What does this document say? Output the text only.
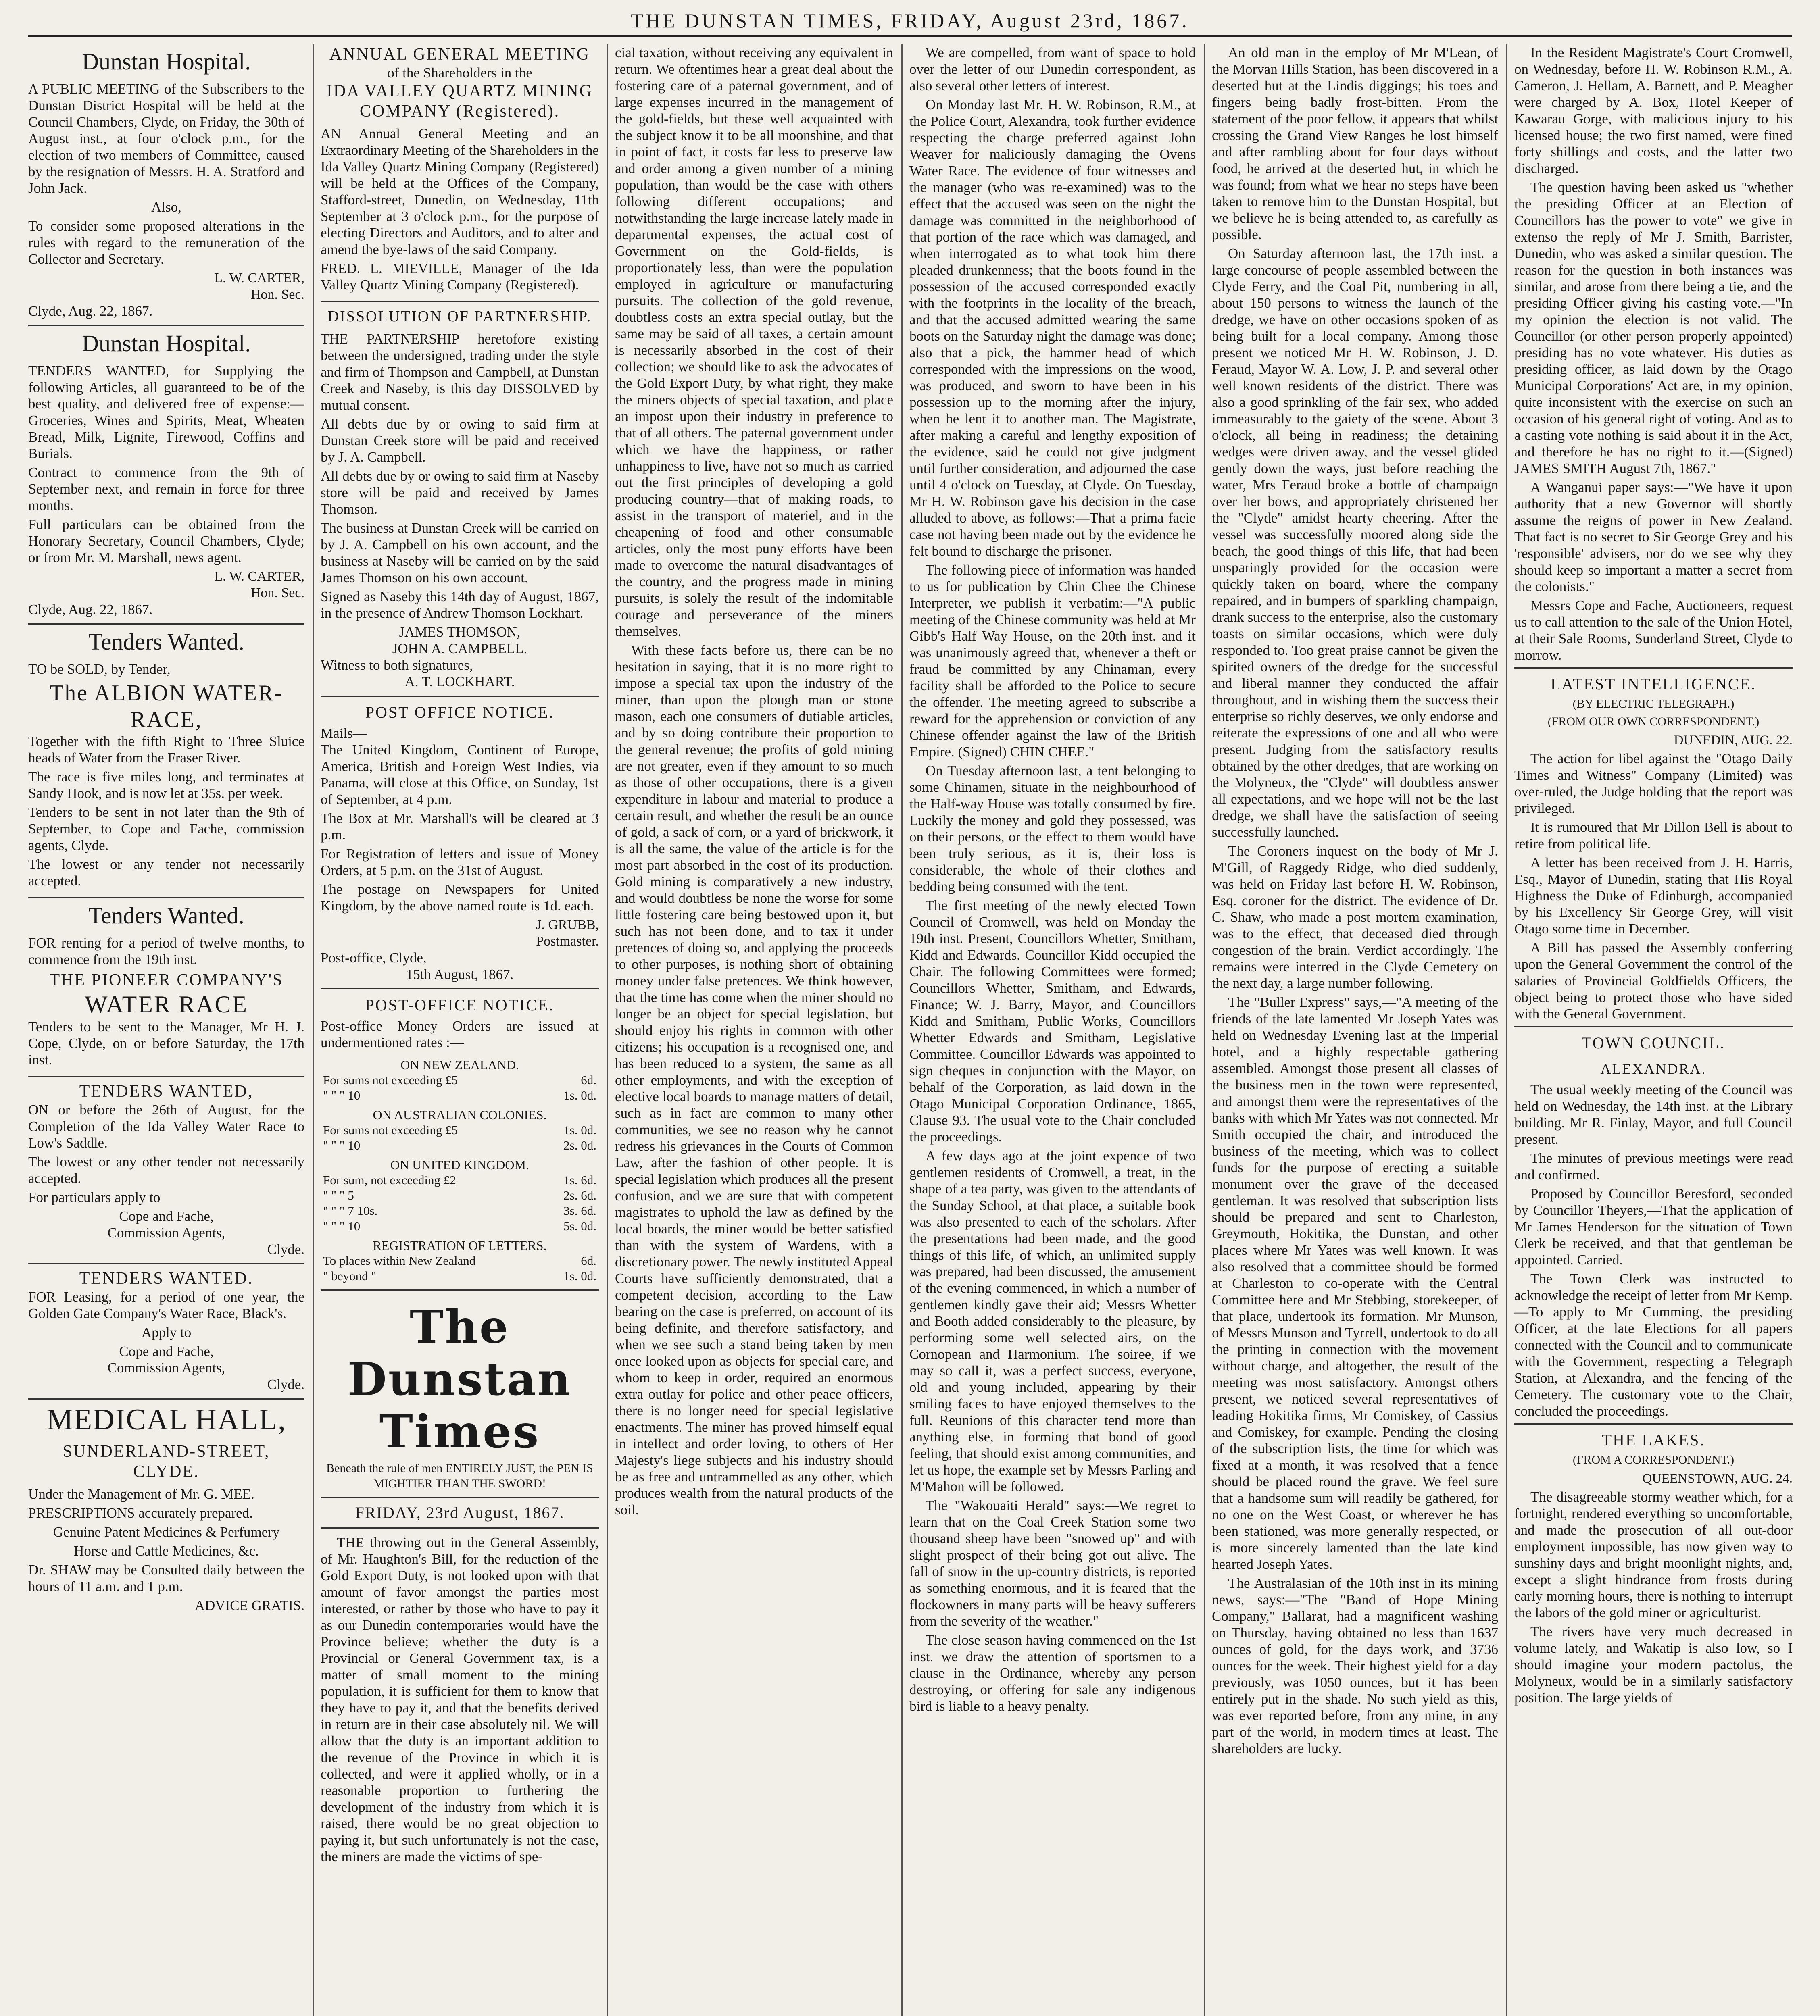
THE DUNSTAN TIMES, FRIDAY, August 23rd, 1867.
Dunstan Hospital.

A PUBLIC MEETING of the Subscribers to the Dunstan District Hospital will be held at the Council Chambers, Clyde, on Friday, the 30th of August inst., at four o'clock p.m., for the election of two members of Committee, caused by the resignation of Messrs. H. A. Stratford and John Jack.

Also,

To consider some proposed alterations in the rules with regard to the remuneration of the Collector and Secretary.

L. W. CARTER,
Hon. Sec.
Clyde, Aug. 22, 1867.
Dunstan Hospital.

TENDERS WANTED, for Supplying the following Articles, all guaranteed to be of the best quality, and delivered free of expense:—Groceries, Wines and Spirits, Meat, Wheaten Bread, Milk, Lignite, Firewood, Coffins and Burials.

Contract to commence from the 9th of September next, and remain in force for three months.

Full particulars can be obtained from the Honorary Secretary, Council Chambers, Clyde; or from Mr. M. Marshall, news agent.

L. W. CARTER,
Hon. Sec.
Clyde, Aug. 22, 1867.
Tenders Wanted.

TO be SOLD, by Tender,

The ALBION WATER-RACE,

Together with the fifth Right to Three Sluice heads of Water from the Fraser River.

The race is five miles long, and terminates at Sandy Hook, and is now let at 35s. per week.

Tenders to be sent in not later than the 9th of September, to Cope and Fache, commission agents, Clyde.

The lowest or any tender not necessarily accepted.

Tenders Wanted.

FOR renting for a period of twelve months, to commence from the 19th inst.

THE PIONEER COMPANY'S
WATER RACE

Tenders to be sent to the Manager, Mr H. J. Cope, Clyde, on or before Saturday, the 17th inst.

TENDERS WANTED,

ON or before the 26th of August, for the Completion of the Ida Valley Water Race to Low's Saddle.

The lowest or any other tender not necessarily accepted.

For particulars apply to

Cope and Fache,
Commission Agents,
Clyde.
TENDERS WANTED.

FOR Leasing, for a period of one year, the Golden Gate Company's Water Race, Black's.

Apply to

Cope and Fache,
Commission Agents,
Clyde.
MEDICAL HALL,
SUNDERLAND-STREET, CLYDE.

Under the Management of Mr. G. MEE.

PRESCRIPTIONS accurately prepared.

Genuine Patent Medicines & Perfumery

Horse and Cattle Medicines, &c.

Dr. SHAW may be Consulted daily between the hours of 11 a.m. and 1 p.m.

ADVICE GRATIS.
ANNUAL GENERAL MEETING
of the Shareholders in the
IDA VALLEY QUARTZ MINING
COMPANY (Registered).

AN Annual General Meeting and an Extraordinary Meeting of the Shareholders in the Ida Valley Quartz Mining Company (Registered) will be held at the Offices of the Company, Stafford-street, Dunedin, on Wednesday, 11th September at 3 o'clock p.m., for the purpose of electing Directors and Auditors, and to alter and amend the bye-laws of the said Company.

FRED. L. MIEVILLE, Manager of the Ida Valley Quartz Mining Company (Registered).

DISSOLUTION OF PARTNERSHIP.

THE PARTNERSHIP heretofore existing between the undersigned, trading under the style and firm of Thompson and Campbell, at Dunstan Creek and Naseby, is this day DISSOLVED by mutual consent.

All debts due by or owing to said firm at Dunstan Creek store will be paid and received by J. A. Campbell.

All debts due by or owing to said firm at Naseby store will be paid and received by James Thomson.

The business at Dunstan Creek will be carried on by J. A. Campbell on his own account, and the business at Naseby will be carried on by the said James Thomson on his own account.

Signed as Naseby this 14th day of August, 1867, in the presence of Andrew Thomson Lockhart.

JAMES THOMSON,
JOHN A. CAMPBELL.
Witness to both signatures,
A. T. LOCKHART.
POST OFFICE NOTICE.
Mails—

The United Kingdom, Continent of Europe, America, British and Foreign West Indies, via Panama, will close at this Office, on Sunday, 1st of September, at 4 p.m.

The Box at Mr. Marshall's will be cleared at 3 p.m.

For Registration of letters and issue of Money Orders, at 5 p.m. on the 31st of August.

The postage on Newspapers for United Kingdom, by the above named route is 1d. each.

J. GRUBB,
Postmaster.
Post-office, Clyde,
15th August, 1867.
POST-OFFICE NOTICE.

Post-office Money Orders are issued at undermentioned rates :—

ON NEW ZEALAND.	
For sums not exceeding £5	6d.
" " " 10	1s. 0d.
ON AUSTRALIAN COLONIES.	
For sums not exceeding £5	1s. 0d.
" " " 10	2s. 0d.
ON UNITED KINGDOM.	
For sum, not exceeding £2	1s. 6d.
" " " 5	2s. 6d.
" " " 7 10s.	3s. 6d.
" " " 10	5s. 0d.
REGISTRATION OF LETTERS.	
To places within New Zealand	6d.
" beyond "	1s. 0d.
The Dunstan Times
Beneath the rule of men ENTIRELY JUST, the PEN IS MIGHTIER THAN THE SWORD!
FRIDAY, 23rd August, 1867.

THE throwing out in the General Assembly, of Mr. Haughton's Bill, for the reduction of the Gold Export Duty, is not looked upon with that amount of favor amongst the parties most interested, or rather by those who have to pay it as our Dunedin contemporaries would have the Province believe; whether the duty is a Provincial or General Government tax, is a matter of small moment to the mining population, it is sufficient for them to know that they have to pay it, and that the benefits derived in return are in their case absolutely nil. We will allow that the duty is an important addition to the revenue of the Province in which it is collected, and were it applied wholly, or in a reasonable proportion to furthering the development of the industry from which it is raised, there would be no great objection to paying it, but such unfortunately is not the case, the miners are made the victims of spe-

cial taxation, without receiving any equivalent in return. We oftentimes hear a great deal about the fostering care of a paternal government, and of large expenses incurred in the management of the gold-fields, but these well acquainted with the subject know it to be all moonshine, and that in point of fact, it costs far less to preserve law and order among a given number of a mining population, than would be the case with others following different occupations; and notwithstanding the large increase lately made in departmental expenses, the actual cost of Government on the Gold-fields, is proportionately less, than were the population employed in agriculture or manufacturing pursuits. The collection of the gold revenue, doubtless costs an extra special outlay, but the same may be said of all taxes, a certain amount is necessarily absorbed in the cost of their collection; we should like to ask the advocates of the Gold Export Duty, by what right, they make the miners objects of special taxation, and place an impost upon their industry in preference to that of all others. The paternal government under which we have the happiness, or rather unhappiness to live, have not so much as carried out the first principles of developing a gold producing country—that of making roads, to assist in the transport of materiel, and in the cheapening of food and other consumable articles, only the most puny efforts have been made to overcome the natural disadvantages of the country, and the progress made in mining pursuits, is solely the result of the indomitable courage and perseverance of the miners themselves.

With these facts before us, there can be no hesitation in saying, that it is no more right to impose a special tax upon the industry of the miner, than upon the plough man or stone mason, each one consumers of dutiable articles, and by so doing contribute their proportion to the general revenue; the profits of gold mining are not greater, even if they amount to so much as those of other occupations, there is a given expenditure in labour and material to produce a certain result, and whether the result be an ounce of gold, a sack of corn, or a yard of brickwork, it is all the same, the value of the article is for the most part absorbed in the cost of its production. Gold mining is comparatively a new industry, and would doubtless be none the worse for some little fostering care being bestowed upon it, but such has not been done, and to tax it under pretences of doing so, and applying the proceeds to other purposes, is nothing short of obtaining money under false pretences. We think however, that the time has come when the miner should no longer be an object for special legislation, but should enjoy his rights in common with other citizens; his occupation is a recognised one, and has been reduced to a system, the same as all other employments, and with the exception of elective local boards to manage matters of detail, such as in fact are common to many other communities, we see no reason why he cannot redress his grievances in the Courts of Common Law, after the fashion of other people. It is special legislation which produces all the present confusion, and we are sure that with competent magistrates to uphold the law as defined by the local boards, the miner would be better satisfied than with the system of Wardens, with a discretionary power. The newly instituted Appeal Courts have sufficiently demonstrated, that a competent decision, according to the Law bearing on the case is preferred, on account of its being definite, and therefore satisfactory, and when we see such a stand being taken by men once looked upon as objects for special care, and whom to keep in order, required an enormous extra outlay for police and other peace officers, there is no longer need for special legislative enactments. The miner has proved himself equal in intellect and order loving, to others of Her Majesty's liege subjects and his industry should be as free and untrammelled as any other, which produces wealth from the natural products of the soil.

We are compelled, from want of space to hold over the letter of our Dunedin correspondent, as also several other letters of interest.

On Monday last Mr. H. W. Robinson, R.M., at the Police Court, Alexandra, took further evidence respecting the charge preferred against John Weaver for maliciously damaging the Ovens Water Race. The evidence of four witnesses and the manager (who was re-examined) was to the effect that the accused was seen on the night the damage was committed in the neighborhood of that portion of the race which was damaged, and when interrogated as to what took him there pleaded drunkenness; that the boots found in the possession of the accused corresponded exactly with the footprints in the locality of the breach, and that the accused admitted wearing the same boots on the Saturday night the damage was done; also that a pick, the hammer head of which corresponded with the impressions on the wood, was produced, and sworn to have been in his possession up to the morning after the injury, when he lent it to another man. The Magistrate, after making a careful and lengthy exposition of the evidence, said he could not give judgment until further consideration, and adjourned the case until 4 o'clock on Tuesday, at Clyde. On Tuesday, Mr H. W. Robinson gave his decision in the case alluded to above, as follows:—That a prima facie case not having been made out by the evidence he felt bound to discharge the prisoner.

The following piece of information was handed to us for publication by Chin Chee the Chinese Interpreter, we publish it verbatim:—"A public meeting of the Chinese community was held at Mr Gibb's Half Way House, on the 20th inst. and it was unanimously agreed that, whenever a theft or fraud be committed by any Chinaman, every facility shall be afforded to the Police to secure the offender. The meeting agreed to subscribe a reward for the apprehension or conviction of any Chinese offender against the law of the British Empire. (Signed) CHIN CHEE."

On Tuesday afternoon last, a tent belonging to some Chinamen, situate in the neighbourhood of the Half-way House was totally consumed by fire. Luckily the money and gold they possessed, was on their persons, or the effect to them would have been truly serious, as it is, their loss is considerable, the whole of their clothes and bedding being consumed with the tent.

The first meeting of the newly elected Town Council of Cromwell, was held on Monday the 19th inst. Present, Councillors Whetter, Smitham, Kidd and Edwards. Councillor Kidd occupied the Chair. The following Committees were formed; Councillors Whetter, Smitham, and Edwards, Finance; W. J. Barry, Mayor, and Councillors Kidd and Smitham, Public Works, Councillors Whetter Edwards and Smitham, Legislative Committee. Councillor Edwards was appointed to sign cheques in conjunction with the Mayor, on behalf of the Corporation, as laid down in the Otago Municipal Corporation Ordinance, 1865, Clause 93. The usual vote to the Chair concluded the proceedings.

A few days ago at the joint expence of two gentlemen residents of Cromwell, a treat, in the shape of a tea party, was given to the attendants of the Sunday School, at that place, a suitable book was also presented to each of the scholars. After the presentations had been made, and the good things of this life, of which, an unlimited supply was prepared, had been discussed, the amusement of the evening commenced, in which a number of gentlemen kindly gave their aid; Messrs Whetter and Booth added considerably to the pleasure, by performing some well selected airs, on the Cornopean and Harmonium. The soiree, if we may so call it, was a perfect success, everyone, old and young included, appearing by their smiling faces to have enjoyed themselves to the full. Reunions of this character tend more than anything else, in forming that bond of good feeling, that should exist among communities, and let us hope, the example set by Messrs Parling and M'Mahon will be followed.

The "Wakouaiti Herald" says:—We regret to learn that on the Coal Creek Station some two thousand sheep have been "snowed up" and with slight prospect of their being got out alive. The fall of snow in the up-country districts, is reported as something enormous, and it is feared that the flockowners in many parts will be heavy sufferers from the severity of the weather."

The close season having commenced on the 1st inst. we draw the attention of sportsmen to a clause in the Ordinance, whereby any person destroying, or offering for sale any indigenous bird is liable to a heavy penalty.

An old man in the employ of Mr M'Lean, of the Morvan Hills Station, has been discovered in a deserted hut at the Lindis diggings; his toes and fingers being badly frost-bitten. From the statement of the poor fellow, it appears that whilst crossing the Grand View Ranges he lost himself and after rambling about for four days without food, he arrived at the deserted hut, in which he was found; from what we hear no steps have been taken to remove him to the Dunstan Hospital, but we believe he is being attended to, as carefully as possible.

On Saturday afternoon last, the 17th inst. a large concourse of people assembled between the Clyde Ferry, and the Coal Pit, numbering in all, about 150 persons to witness the launch of the dredge, we have on other occasions spoken of as being built for a local company. Among those present we noticed Mr H. W. Robinson, J. D. Feraud, Mayor W. A. Low, J. P. and several other well known residents of the district. There was also a good sprinkling of the fair sex, who added immeasurably to the gaiety of the scene. About 3 o'clock, all being in readiness; the detaining wedges were driven away, and the vessel glided gently down the ways, just before reaching the water, Mrs Feraud broke a bottle of champaign over her bows, and appropriately christened her the "Clyde" amidst hearty cheering. After the vessel was successfully moored along side the beach, the good things of this life, that had been unsparingly provided for the occasion were quickly taken on board, where the company repaired, and in bumpers of sparkling champaign, drank success to the enterprise, also the customary toasts on similar occasions, which were duly responded to. Too great praise cannot be given the spirited owners of the dredge for the successful and liberal manner they conducted the affair throughout, and in wishing them the success their enterprise so richly deserves, we only endorse and reiterate the expressions of one and all who were present. Judging from the satisfactory results obtained by the other dredges, that are working on the Molyneux, the "Clyde" will doubtless answer all expectations, and we hope will not be the last dredge, we shall have the satisfaction of seeing successfully launched.

The Coroners inquest on the body of Mr J. M'Gill, of Raggedy Ridge, who died suddenly, was held on Friday last before H. W. Robinson, Esq. coroner for the district. The evidence of Dr. C. Shaw, who made a post mortem examination, was to the effect, that deceased died through congestion of the brain. Verdict accordingly. The remains were interred in the Clyde Cemetery on the next day, a large number following.

The "Buller Express" says,—"A meeting of the friends of the late lamented Mr Joseph Yates was held on Wednesday Evening last at the Imperial hotel, and a highly respectable gathering assembled. Amongst those present all classes of the business men in the town were represented, and amongst them were the representatives of the banks with which Mr Yates was not connected. Mr Smith occupied the chair, and introduced the business of the meeting, which was to collect funds for the purpose of erecting a suitable monument over the grave of the deceased gentleman. It was resolved that subscription lists should be prepared and sent to Charleston, Greymouth, Hokitika, the Dunstan, and other places where Mr Yates was well known. It was also resolved that a committee should be formed at Charleston to co-operate with the Central Committee here and Mr Stebbing, storekeeper, of that place, undertook its formation. Mr Munson, of Messrs Munson and Tyrrell, undertook to do all the printing in connection with the movement without charge, and altogether, the result of the meeting was most satisfactory. Amongst others present, we noticed several representatives of leading Hokitika firms, Mr Comiskey, of Cassius and Comiskey, for example. Pending the closing of the subscription lists, the time for which was fixed at a month, it was resolved that a fence should be placed round the grave. We feel sure that a handsome sum will readily be gathered, for no one on the West Coast, or wherever he has been stationed, was more generally respected, or is more sincerely lamented than the late kind hearted Joseph Yates.

The Australasian of the 10th inst in its mining news, says:—"The "Band of Hope Mining Company," Ballarat, had a magnificent washing on Thursday, having obtained no less than 1637 ounces of gold, for the days work, and 3736 ounces for the week. Their highest yield for a day previously, was 1050 ounces, but it has been entirely put in the shade. No such yield as this, was ever reported before, from any mine, in any part of the world, in modern times at least. The shareholders are lucky.

In the Resident Magistrate's Court Cromwell, on Wednesday, before H. W. Robinson R.M., A. Cameron, J. Hellam, A. Barnett, and P. Meagher were charged by A. Box, Hotel Keeper of Kawarau Gorge, with malicious injury to his licensed house; the two first named, were fined forty shillings and costs, and the latter two discharged.

The question having been asked us "whether the presiding Officer at an Election of Councillors has the power to vote" we give in extenso the reply of Mr J. Smith, Barrister, Dunedin, who was asked a similar question. The reason for the question in both instances was similar, and arose from there being a tie, and the presiding Officer giving his casting vote.—"In my opinion the election is not valid. The Councillor (or other person properly appointed) presiding has no vote whatever. His duties as presiding officer, as laid down by the Otago Municipal Corporations' Act are, in my opinion, quite inconsistent with the exercise on such an occasion of his general right of voting. And as to a casting vote nothing is said about it in the Act, and therefore he has no right to it.—(Signed) JAMES SMITH August 7th, 1867."

A Wanganui paper says:—"We have it upon authority that a new Governor will shortly assume the reigns of power in New Zealand. That fact is no secret to Sir George Grey and his 'responsible' advisers, nor do we see why they should keep so important a matter a secret from the colonists."

Messrs Cope and Fache, Auctioneers, request us to call attention to the sale of the Union Hotel, at their Sale Rooms, Sunderland Street, Clyde to morrow.

LATEST INTELLIGENCE.
(BY ELECTRIC TELEGRAPH.)
(FROM OUR OWN CORRESPONDENT.)
DUNEDIN, AUG. 22.

The action for libel against the "Otago Daily Times and Witness" Company (Limited) was over-ruled, the Judge holding that the report was privileged.

It is rumoured that Mr Dillon Bell is about to retire from political life.

A letter has been received from J. H. Harris, Esq., Mayor of Dunedin, stating that His Royal Highness the Duke of Edinburgh, accompanied by his Excellency Sir George Grey, will visit Otago some time in December.

A Bill has passed the Assembly conferring upon the General Government the control of the salaries of Provincial Goldfields Officers, the object being to protect those who have sided with the General Government.

TOWN COUNCIL.
ALEXANDRA.

The usual weekly meeting of the Council was held on Wednesday, the 14th inst. at the Library building. Mr R. Finlay, Mayor, and full Council present.

The minutes of previous meetings were read and confirmed.

Proposed by Councillor Beresford, seconded by Councillor Theyers,—That the application of Mr James Henderson for the situation of Town Clerk be received, and that that gentleman be appointed. Carried.

The Town Clerk was instructed to acknowledge the receipt of letter from Mr Kemp.—To apply to Mr Cumming, the presiding Officer, at the late Elections for all papers connected with the Council and to communicate with the Government, respecting a Telegraph Station, at Alexandra, and the fencing of the Cemetery. The customary vote to the Chair, concluded the proceedings.

THE LAKES.
(FROM A CORRESPONDENT.)
QUEENSTOWN, AUG. 24.

The disagreeable stormy weather which, for a fortnight, rendered everything so uncomfortable, and made the prosecution of all out-door employment impossible, has now given way to sunshiny days and bright moonlight nights, and, except a slight hindrance from frosts during early morning hours, there is nothing to interrupt the labors of the gold miner or agriculturist.

The rivers have very much decreased in volume lately, and Wakatip is also low, so I should imagine your modern pactolus, the Molyneux, would be in a similarly satisfactory position. The large yields of
